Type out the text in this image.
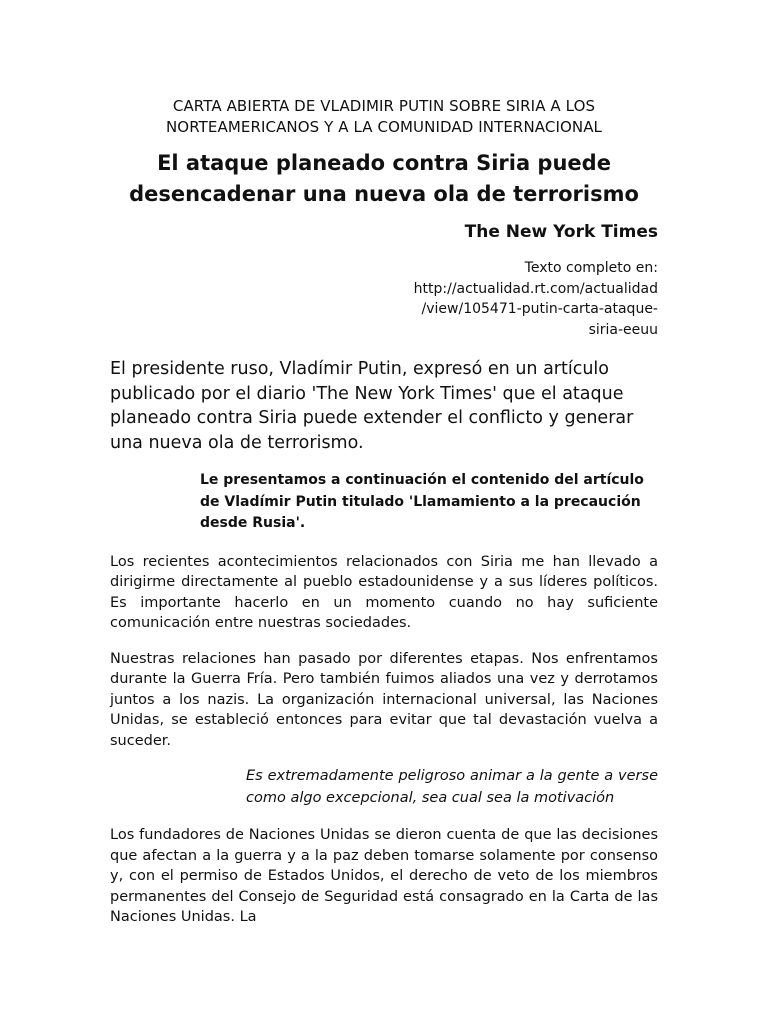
CARTA ABIERTA DE VLADIMIR PUTIN SOBRE SIRIA A LOS NORTEAMERICANOS Y A LA COMUNIDAD INTERNACIONAL

El ataque planeado contra Siria puede desencadenar una nueva ola de terrorismo
The New York Times
Texto completo en:
http://actualidad.rt.com/actualidad
/view/105471-putin-carta-ataque-
siria-eeuu

El presidente ruso, Vladímir Putin, expresó en un artículo publicado por el diario 'The New York Times' que el ataque planeado contra Siria puede extender el conflicto y generar una nueva ola de terrorismo.

Le presentamos a continuación el contenido del artículo de Vladímir Putin titulado 'Llamamiento a la precaución desde Rusia'.

Los recientes acontecimientos relacionados con Siria me han llevado a dirigirme directamente al pueblo estadounidense y a sus líderes políticos. Es importante hacerlo en un momento cuando no hay suficiente comunicación entre nuestras sociedades.

Nuestras relaciones han pasado por diferentes etapas. Nos enfrentamos durante la Guerra Fría. Pero también fuimos aliados una vez y derrotamos juntos a los nazis. La organización internacional universal, las Naciones Unidas, se estableció entonces para evitar que tal devastación vuelva a suceder.

Es extremadamente peligroso animar a la gente a verse como algo excepcional, sea cual sea la motivación

Los fundadores de Naciones Unidas se dieron cuenta de que las decisiones que afectan a la guerra y a la paz deben tomarse solamente por consenso y, con el permiso de Estados Unidos, el derecho de veto de los miembros permanentes del Consejo de Seguridad está consagrado en la Carta de las Naciones Unidas. La
